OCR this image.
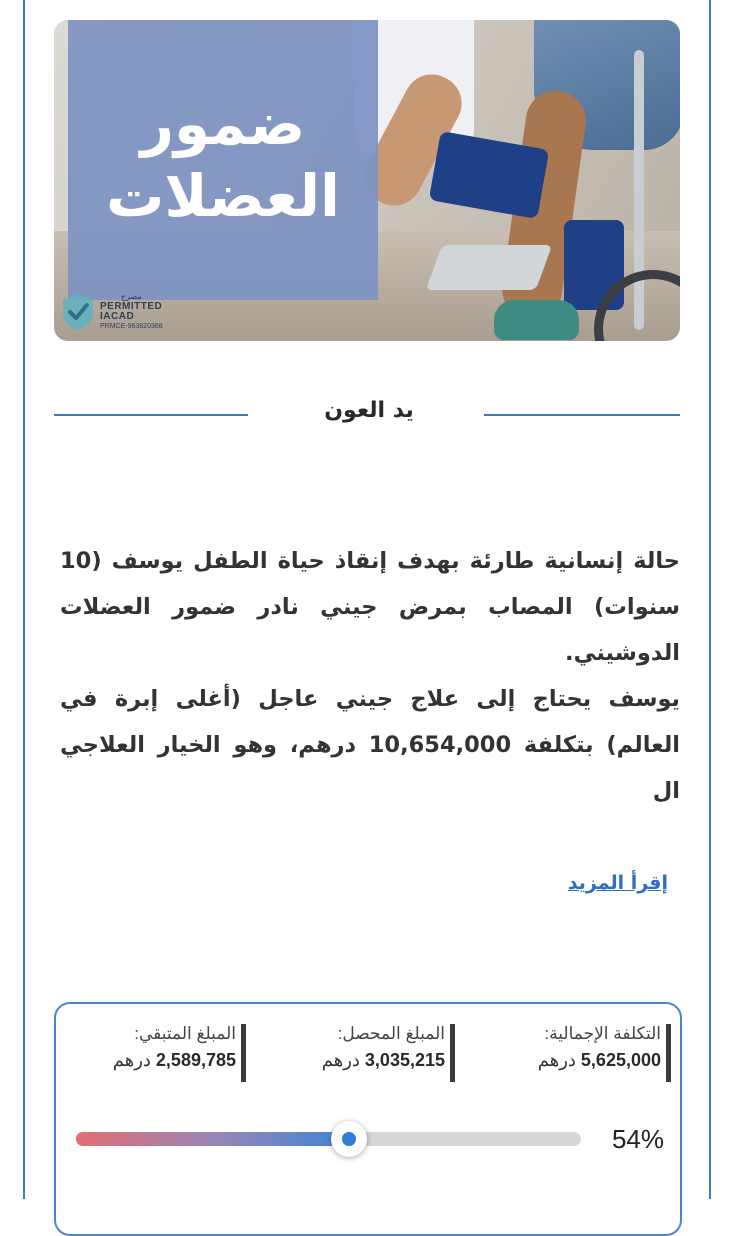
ضمور
العضلات
مصرح
PERMITTED
IACAD
PRMCE-963820368
يد العون

حالة إنسانية طارئة بهدف إنقاذ حياة الطفل يوسف (10 سنوات) المصاب بمرض جيني نادر ضمور العضلات الدوشيني.

يوسف يحتاج إلى علاج جيني عاجل (أغلى إبرة في العالم) بتكلفة 10,654,000 درهم، وهو الخيار العلاجي ال

إقرأ المزيد
التكلفة الإجمالية:
5,625,000 درهم
المبلغ المحصل:
3,035,215 درهم
المبلغ المتبقي:
2,589,785 درهم
54%
